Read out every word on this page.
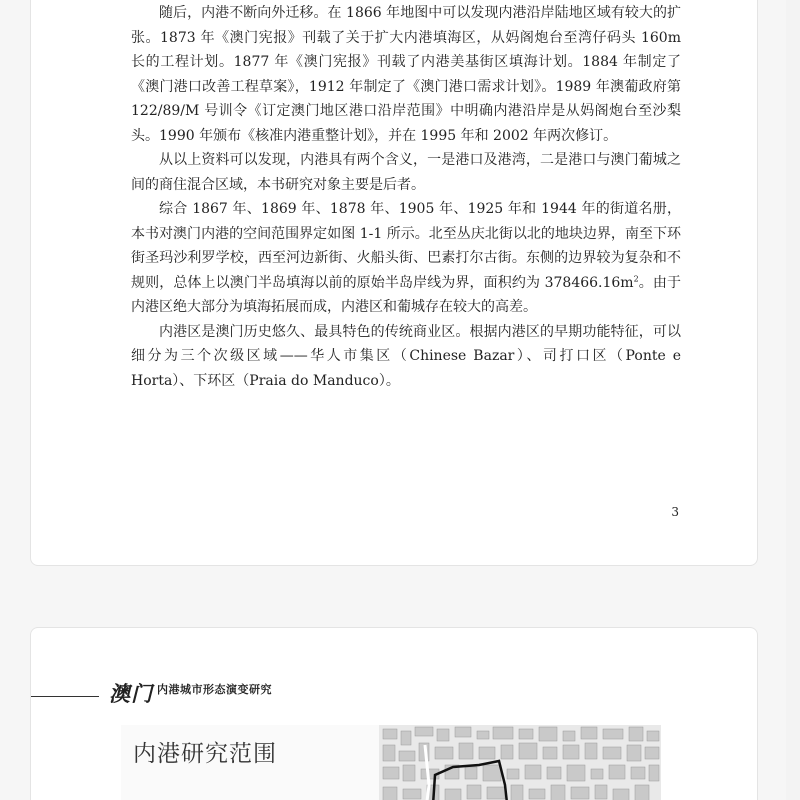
随后，内港不断向外迁移。在 1866 年地图中可以发现内港沿岸陆地区域有较大的扩张。1873 年《澳门宪报》刊载了关于扩大内港填海区，从妈阁炮台至湾仔码头 160m 长的工程计划。1877 年《澳门宪报》刊载了内港美基街区填海计划。1884 年制定了《澳门港口改善工程草案》，1912 年制定了《澳门港口需求计划》。1989 年澳葡政府第 122/89/M 号训令《订定澳门地区港口沿岸范围》中明确内港沿岸是从妈阁炮台至沙梨头。1990 年颁布《核准内港重整计划》，并在 1995 年和 2002 年两次修订。

从以上资料可以发现，内港具有两个含义，一是港口及港湾，二是港口与澳门葡城之间的商住混合区域，本书研究对象主要是后者。

综合 1867 年、1869 年、1878 年、1905 年、1925 年和 1944 年的街道名册，本书对澳门内港的空间范围界定如图 1-1 所示。北至丛庆北街以北的地块边界，南至下环街圣玛沙利罗学校，西至河边新街、火船头街、巴素打尔古街。东侧的边界较为复杂和不规则，总体上以澳门半岛填海以前的原始半岛岸线为界，面积约为 $378466.16m^2$。由于内港区绝大部分为填海拓展而成，内港区和葡城存在较大的高差。

内港区是澳门历史悠久、最具特色的传统商业区。根据内港区的早期功能特征，可以细分为三个次级区域——华人市集区（Chinese Bazar）、司打口区（Ponte e Horta）、下环区（Praia do Manduco）。

3
澳门 内港城市形态演变研究
内港研究范围
